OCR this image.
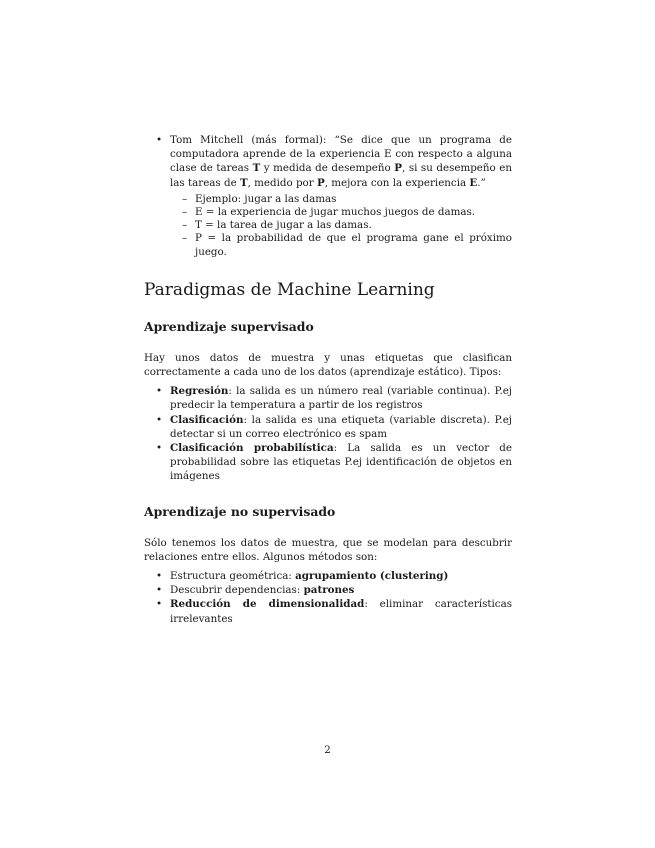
• Tom Mitchell (más formal): “Se dice que un programa de computadora aprende de la experiencia E con respecto a alguna clase de tareas T y medida de desempeño P, si su desempeño en las tareas de T, medido por P, mejora con la experiencia E.”
– Ejemplo: jugar a las damas
– E = la experiencia de jugar muchos juegos de damas.
– T = la tarea de jugar a las damas.
– P = la probabilidad de que el programa gane el próximo juego.
Paradigmas de Machine Learning
Aprendizaje supervisado

Hay unos datos de muestra y unas etiquetas que clasifican correctamente a cada uno de los datos (aprendizaje estático). Tipos:

• Regresión: la salida es un número real (variable continua). P.ej predecir la temperatura a partir de los registros
• Clasificación: la salida es una etiqueta (variable discreta). P.ej detectar si un correo electrónico es spam
• Clasificación probabilística: La salida es un vector de probabilidad sobre las etiquetas P.ej identificación de objetos en imágenes
Aprendizaje no supervisado

Sólo tenemos los datos de muestra, que se modelan para descubrir relaciones entre ellos. Algunos métodos son:

• Estructura geométrica: agrupamiento (clustering)
• Descubrir dependencias: patrones
• Reducción de dimensionalidad: eliminar características irrelevantes
2
